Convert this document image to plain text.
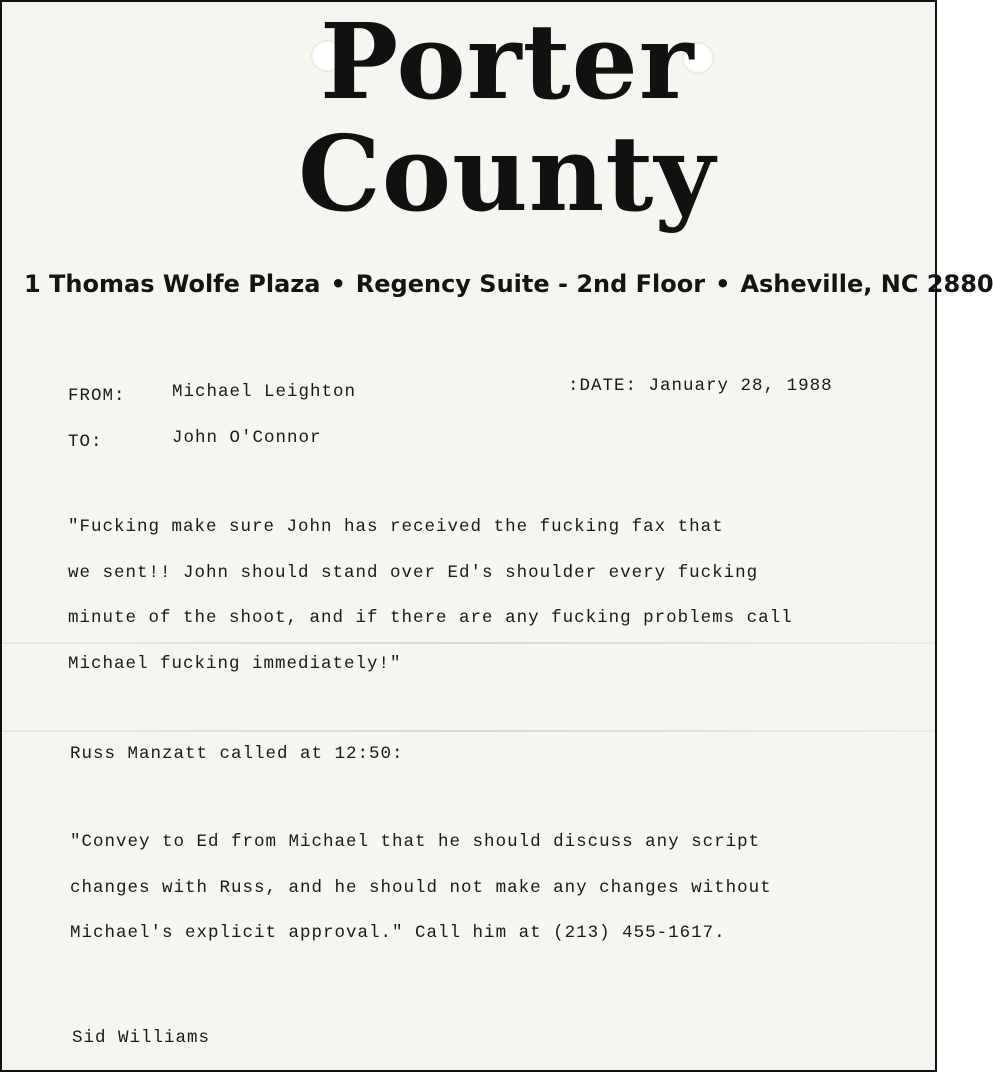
Porter
County
1 Thomas Wolfe Plaza • Regency Suite - 2nd Floor • Asheville, NC 2880
FROM:	Michael Leighton	:DATE: January 28, 1988
TO:	John O'Connor
"Fucking make sure John has received the fucking fax that
we sent!! John should stand over Ed's shoulder every fucking
minute of the shoot, and if there are any fucking problems call
Michael fucking immediately!"
Russ Manzatt called at 12:50:
"Convey to Ed from Michael that he should discuss any script
changes with Russ, and he should not make any changes without
Michael's explicit approval." Call him at (213) 455-1617.
Sid Williams
